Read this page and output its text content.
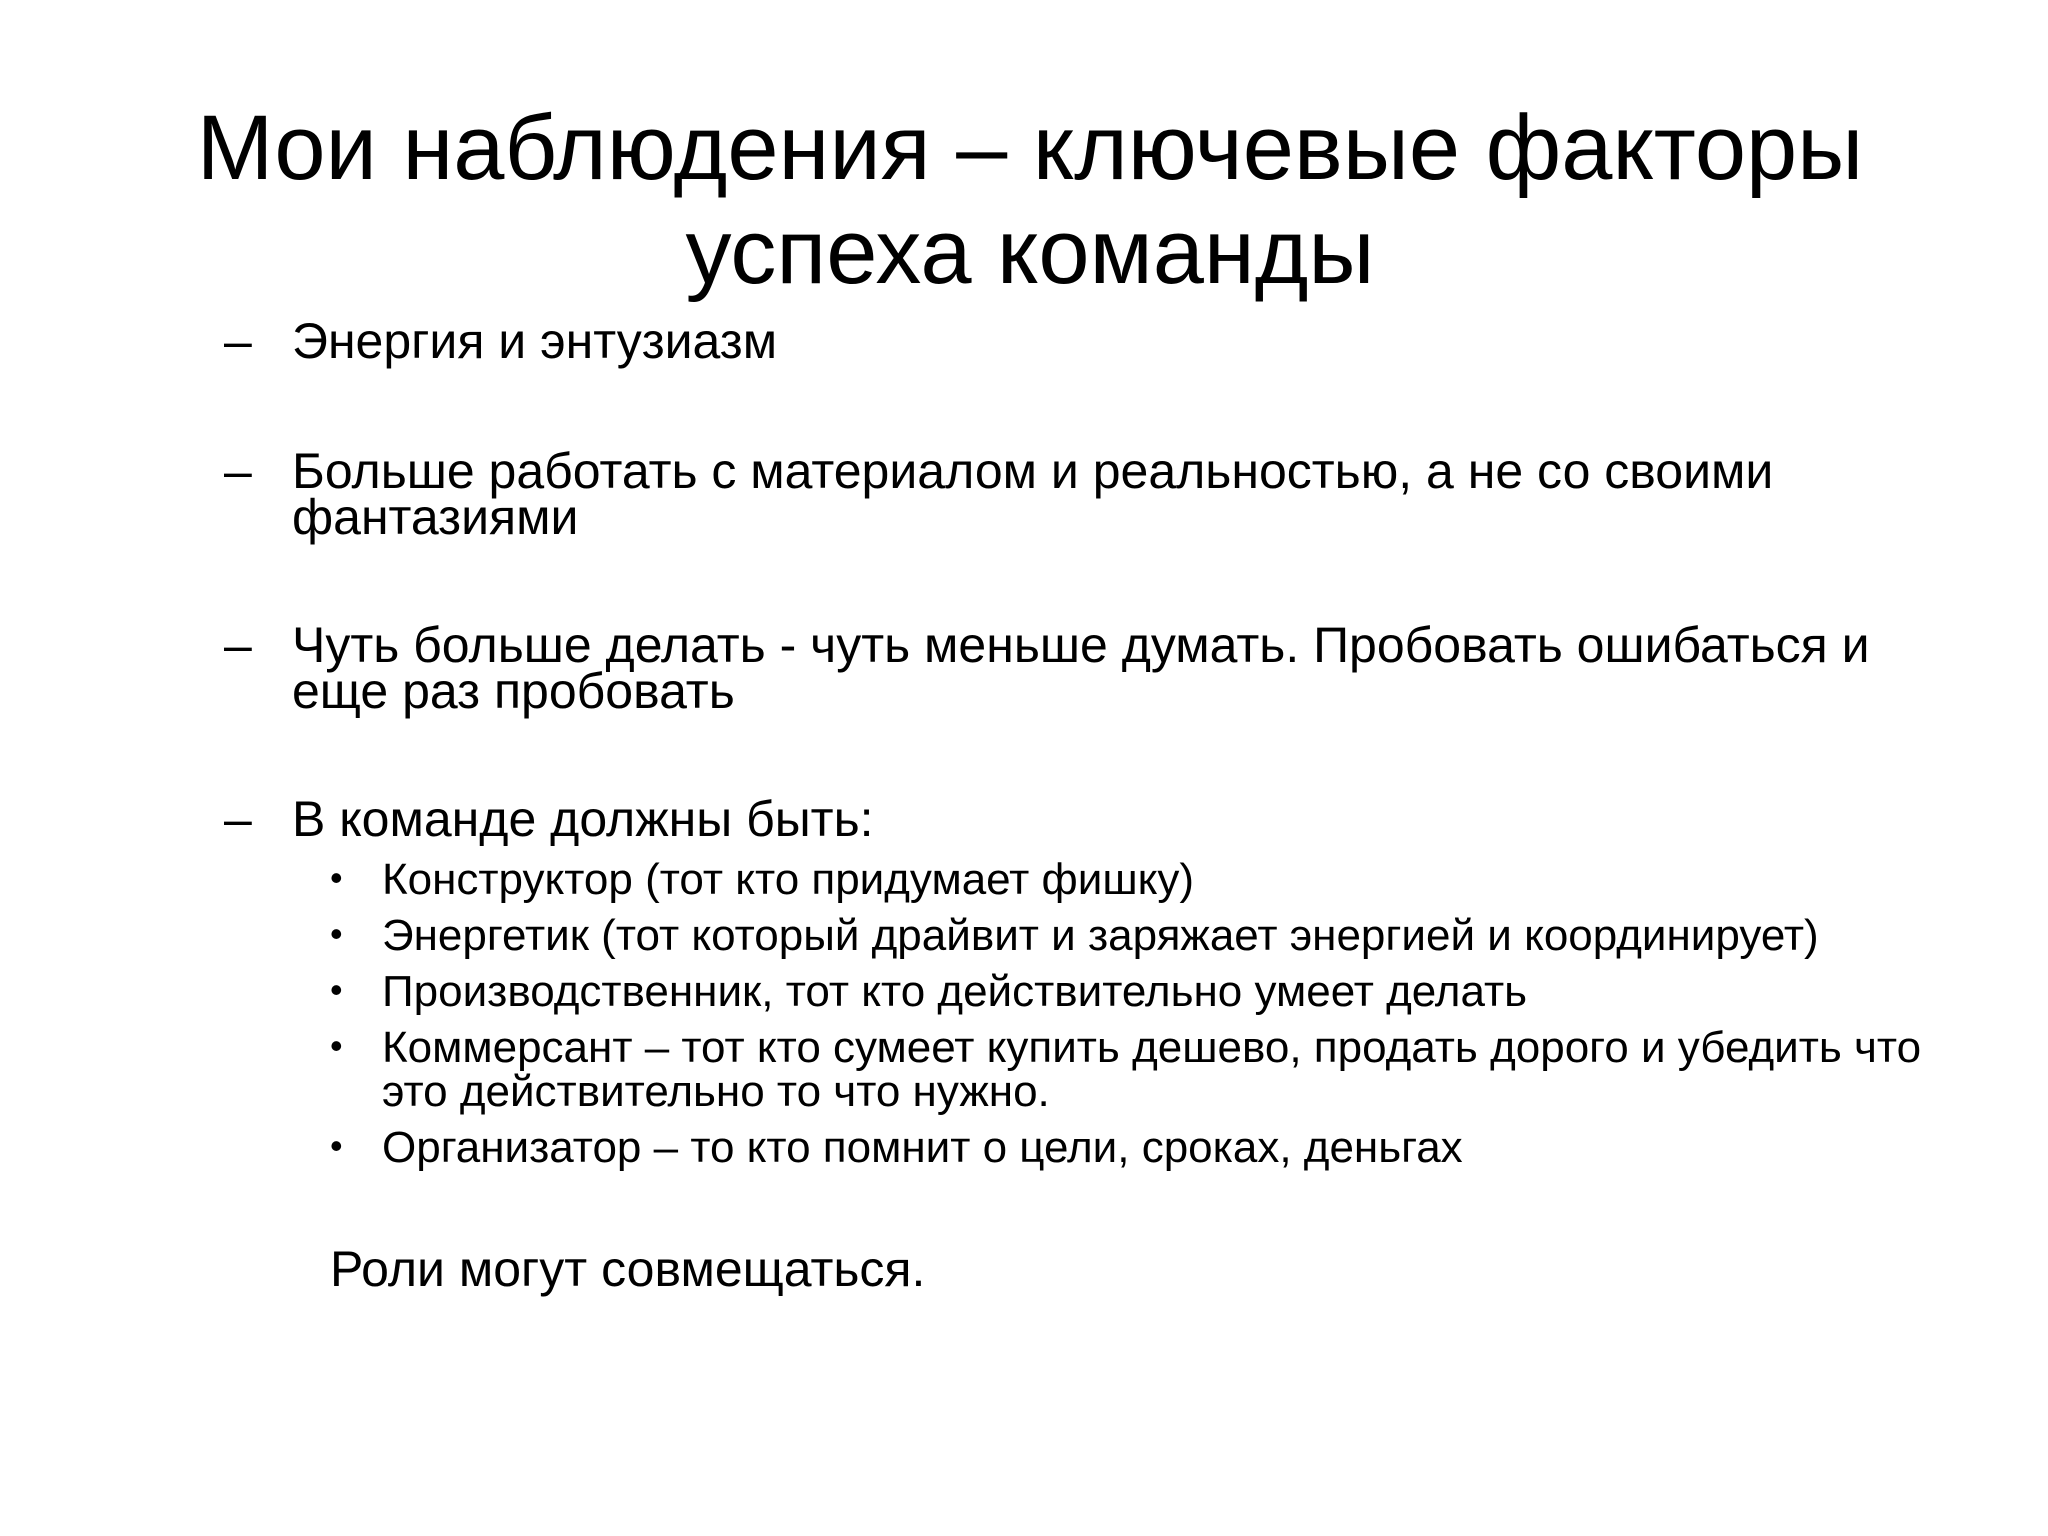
Мои наблюдения – ключевые факторы
успеха команды
– Энергия и энтузиазм
– Больше работать с материалом и реальностью, а не со своими фантазиями
– Чуть больше делать - чуть меньше думать. Пробовать ошибаться и еще раз пробовать
– В команде должны быть:
• Конструктор (тот кто придумает фишку)
• Энергетик (тот который драйвит и заряжает энергией и координирует)
• Производственник, тот кто действительно умеет делать
• Коммерсант – тот кто сумеет купить дешево, продать дорого и убедить что это действительно то что нужно.
• Организатор – то кто помнит о цели, сроках, деньгах
Роли могут совмещаться.
